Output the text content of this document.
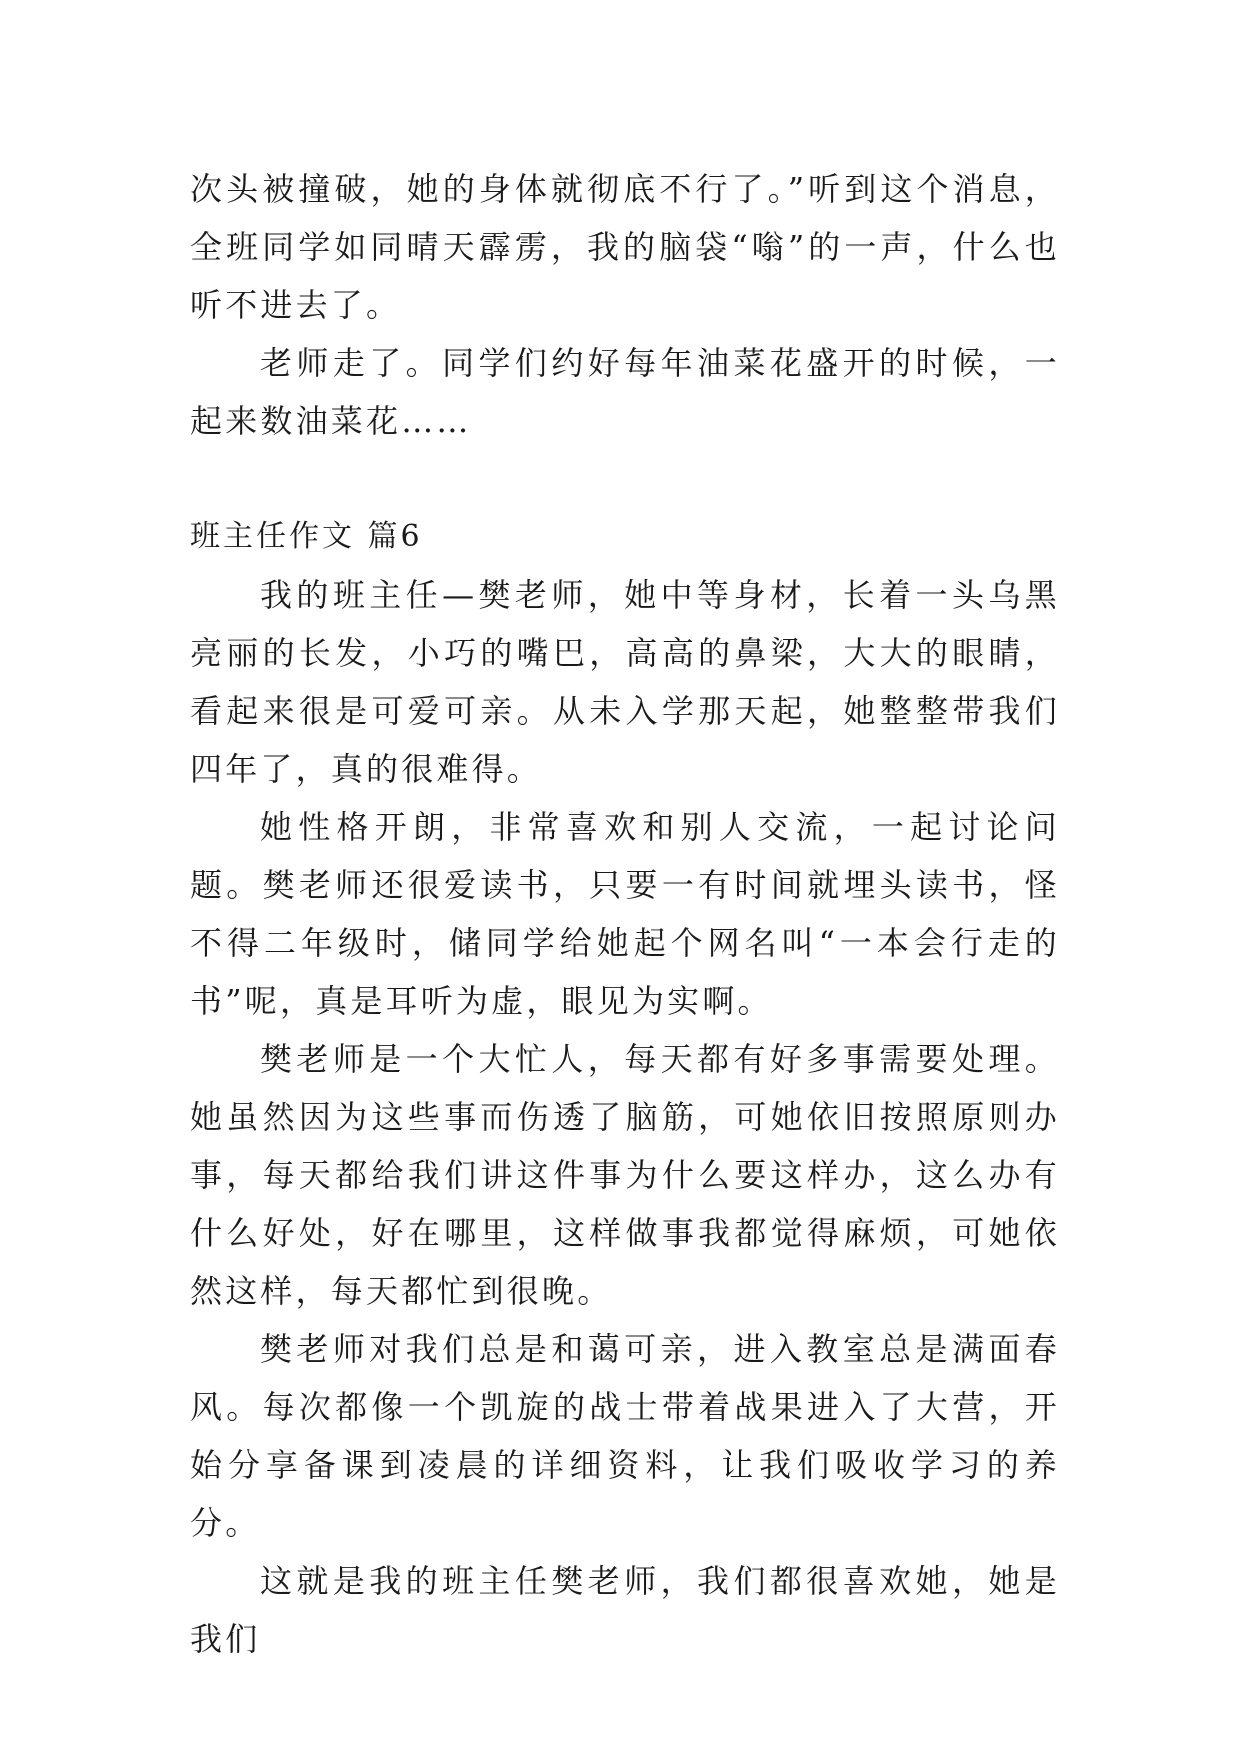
次头被撞破，她的身体就彻底不行了。”听到这个消息，全班同学如同晴天霹雳，我的脑袋“嗡”的一声，什么也听不进去了。

老师走了。同学们约好每年油菜花盛开的时候，一起来数油菜花……

班主任作文 篇6

我的班主任—樊老师，她中等身材，长着一头乌黑亮丽的长发，小巧的嘴巴，高高的鼻梁，大大的眼睛，看起来很是可爱可亲。从未入学那天起，她整整带我们四年了，真的很难得。

她性格开朗，非常喜欢和别人交流，一起讨论问题。樊老师还很爱读书，只要一有时间就埋头读书，怪不得二年级时，储同学给她起个网名叫“一本会行走的书”呢，真是耳听为虚，眼见为实啊。

樊老师是一个大忙人，每天都有好多事需要处理。她虽然因为这些事而伤透了脑筋，可她依旧按照原则办事，每天都给我们讲这件事为什么要这样办，这么办有什么好处，好在哪里，这样做事我都觉得麻烦，可她依然这样，每天都忙到很晚。

樊老师对我们总是和蔼可亲，进入教室总是满面春风。每次都像一个凯旋的战士带着战果进入了大营，开始分享备课到凌晨的详细资料，让我们吸收学习的养分。

这就是我的班主任樊老师，我们都很喜欢她，她是我们
